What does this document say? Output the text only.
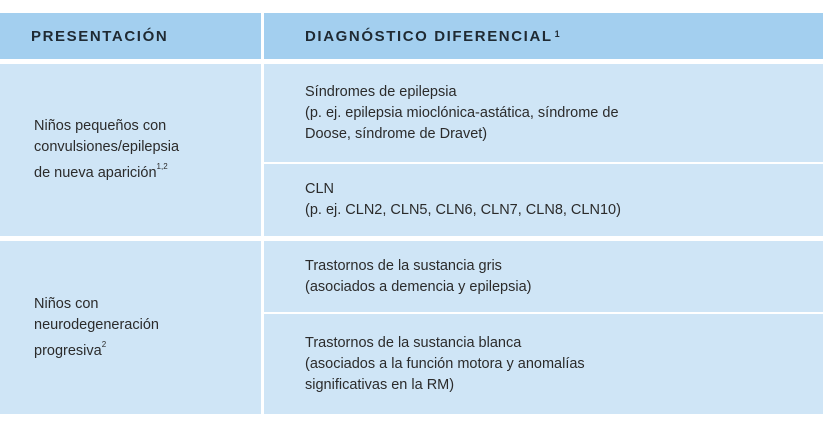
PRESENTACIÓN	DIAGNÓSTICO DIFERENCIAL$^1$
Niños pequeños con
convulsiones/epilepsia
de nueva aparición$^{1,2}$
Síndromes de epilepsia
(p. ej. epilepsia mioclónica-astática, síndrome de
Doose, síndrome de Dravet)
CLN
(p. ej. CLN2, CLN5, CLN6, CLN7, CLN8, CLN10)
Niños con
neurodegeneración
progresiva$^2$
Trastornos de la sustancia gris
(asociados a demencia y epilepsia)
Trastornos de la sustancia blanca
(asociados a la función motora y anomalías
significativas en la RM)
